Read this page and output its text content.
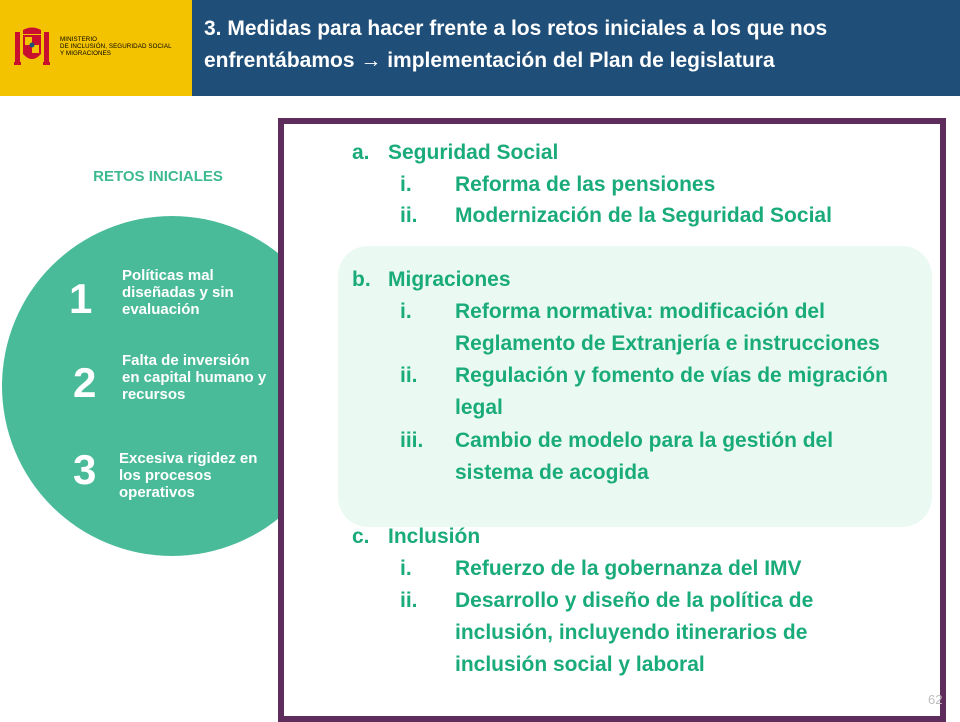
MINISTERIO
DE INCLUSIÓN, SEGURIDAD SOCIAL
Y MIGRACIONES
3. Medidas para hacer frente a los retos iniciales a los que nos
enfrentábamos → implementación del Plan de legislatura
RETOS INICIALES
1 Políticas mal
diseñadas y sin
evaluación
2 Falta de inversión
en capital humano y
recursos
3 Excesiva rigidez en
los procesos
operativos
a. Seguridad Social
i. Reforma de las pensiones
ii. Modernización de la Seguridad Social
b. Migraciones
i. Reforma normativa: modificación del
Reglamento de Extranjería e instrucciones
ii. Regulación y fomento de vías de migración
legal
iii. Cambio de modelo para la gestión del
sistema de acogida
c. Inclusión
i. Refuerzo de la gobernanza del IMV
ii. Desarrollo y diseño de la política de
inclusión, incluyendo itinerarios de
inclusión social y laboral
62
